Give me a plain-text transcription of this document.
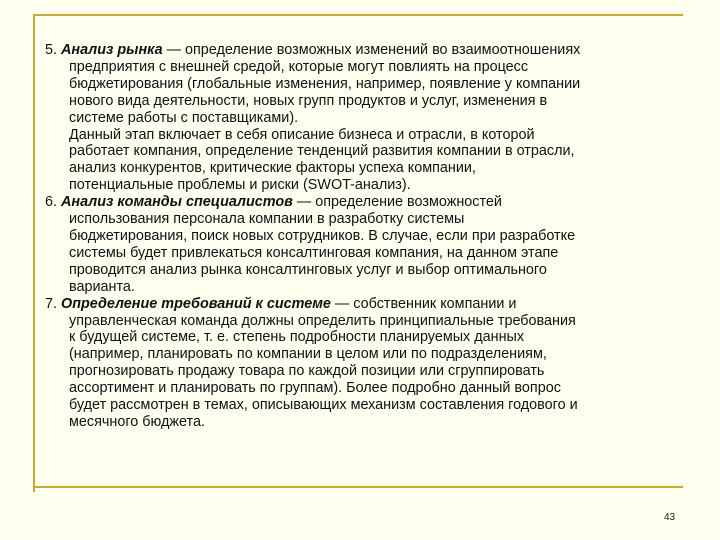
5. Анализ рынка — определение возможных изменений во взаимоотношениях
предприятия с внешней средой, которые могут повлиять на процесс
бюджетирования (глобальные изменения, например, появление у компании
нового вида деятельности, новых групп продуктов и услуг, изменения в
системе работы с поставщиками).
Данный этап включает в себя описание бизнеса и отрасли, в которой
работает компания, определение тенденций развития компании в отрасли,
анализ конкурентов, критические факторы успеха компании,
потенциальные проблемы и риски (SWOT-анализ).
6. Анализ команды специалистов — определение возможностей
использования персонала компании в разработку системы
бюджетирования, поиск новых сотрудников. В случае, если при разработке
системы будет привлекаться консалтинговая компания, на данном этапе
проводится анализ рынка консалтинговых услуг и выбор оптимального
варианта.
7. Определение требований к системе — собственник компании и
управленческая команда должны определить принципиальные требования
к будущей системе, т. е. степень подробности планируемых данных
(например, планировать по компании в целом или по подразделениям,
прогнозировать продажу товара по каждой позиции или сгруппировать
ассортимент и планировать по группам). Более подробно данный вопрос
будет рассмотрен в темах, описывающих механизм составления годового и
месячного бюджета.
43
